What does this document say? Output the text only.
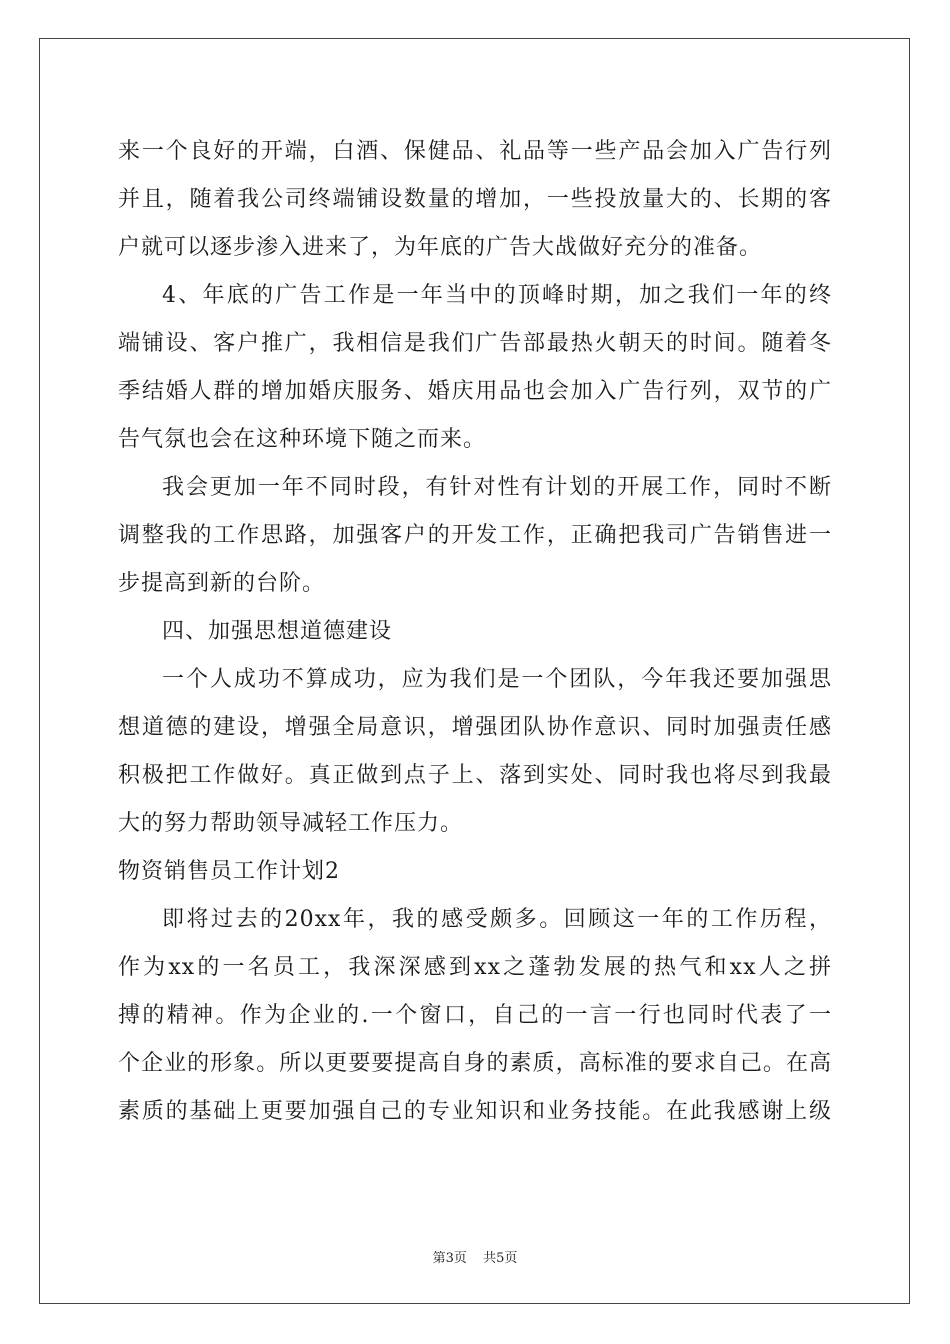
来一个良好的开端，白酒、保健品、礼品等一些产品会加入广告行列
并且，随着我公司终端铺设数量的增加，一些投放量大的、长期的客
户就可以逐步渗入进来了，为年底的广告大战做好充分的准备。
4、年底的广告工作是一年当中的顶峰时期，加之我们一年的终
端铺设、客户推广，我相信是我们广告部最热火朝天的时间。随着冬
季结婚人群的增加婚庆服务、婚庆用品也会加入广告行列，双节的广
告气氛也会在这种环境下随之而来。
我会更加一年不同时段，有针对性有计划的开展工作，同时不断
调整我的工作思路，加强客户的开发工作，正确把我司广告销售进一
步提高到新的台阶。
四、加强思想道德建设
一个人成功不算成功，应为我们是一个团队，今年我还要加强思
想道德的建设，增强全局意识，增强团队协作意识、同时加强责任感
积极把工作做好。真正做到点子上、落到实处、同时我也将尽到我最
大的努力帮助领导减轻工作压力。
物资销售员工作计划2
即将过去的20xx年，我的感受颇多。回顾这一年的工作历程，
作为xx的一名员工，我深深感到xx之蓬勃发展的热气和xx人之拼
搏的精神。作为企业的.一个窗口，自己的一言一行也同时代表了一
个企业的形象。所以更要要提高自身的素质，高标准的要求自己。在高
素质的基础上更要加强自己的专业知识和业务技能。在此我感谢上级
第3页 共5页
